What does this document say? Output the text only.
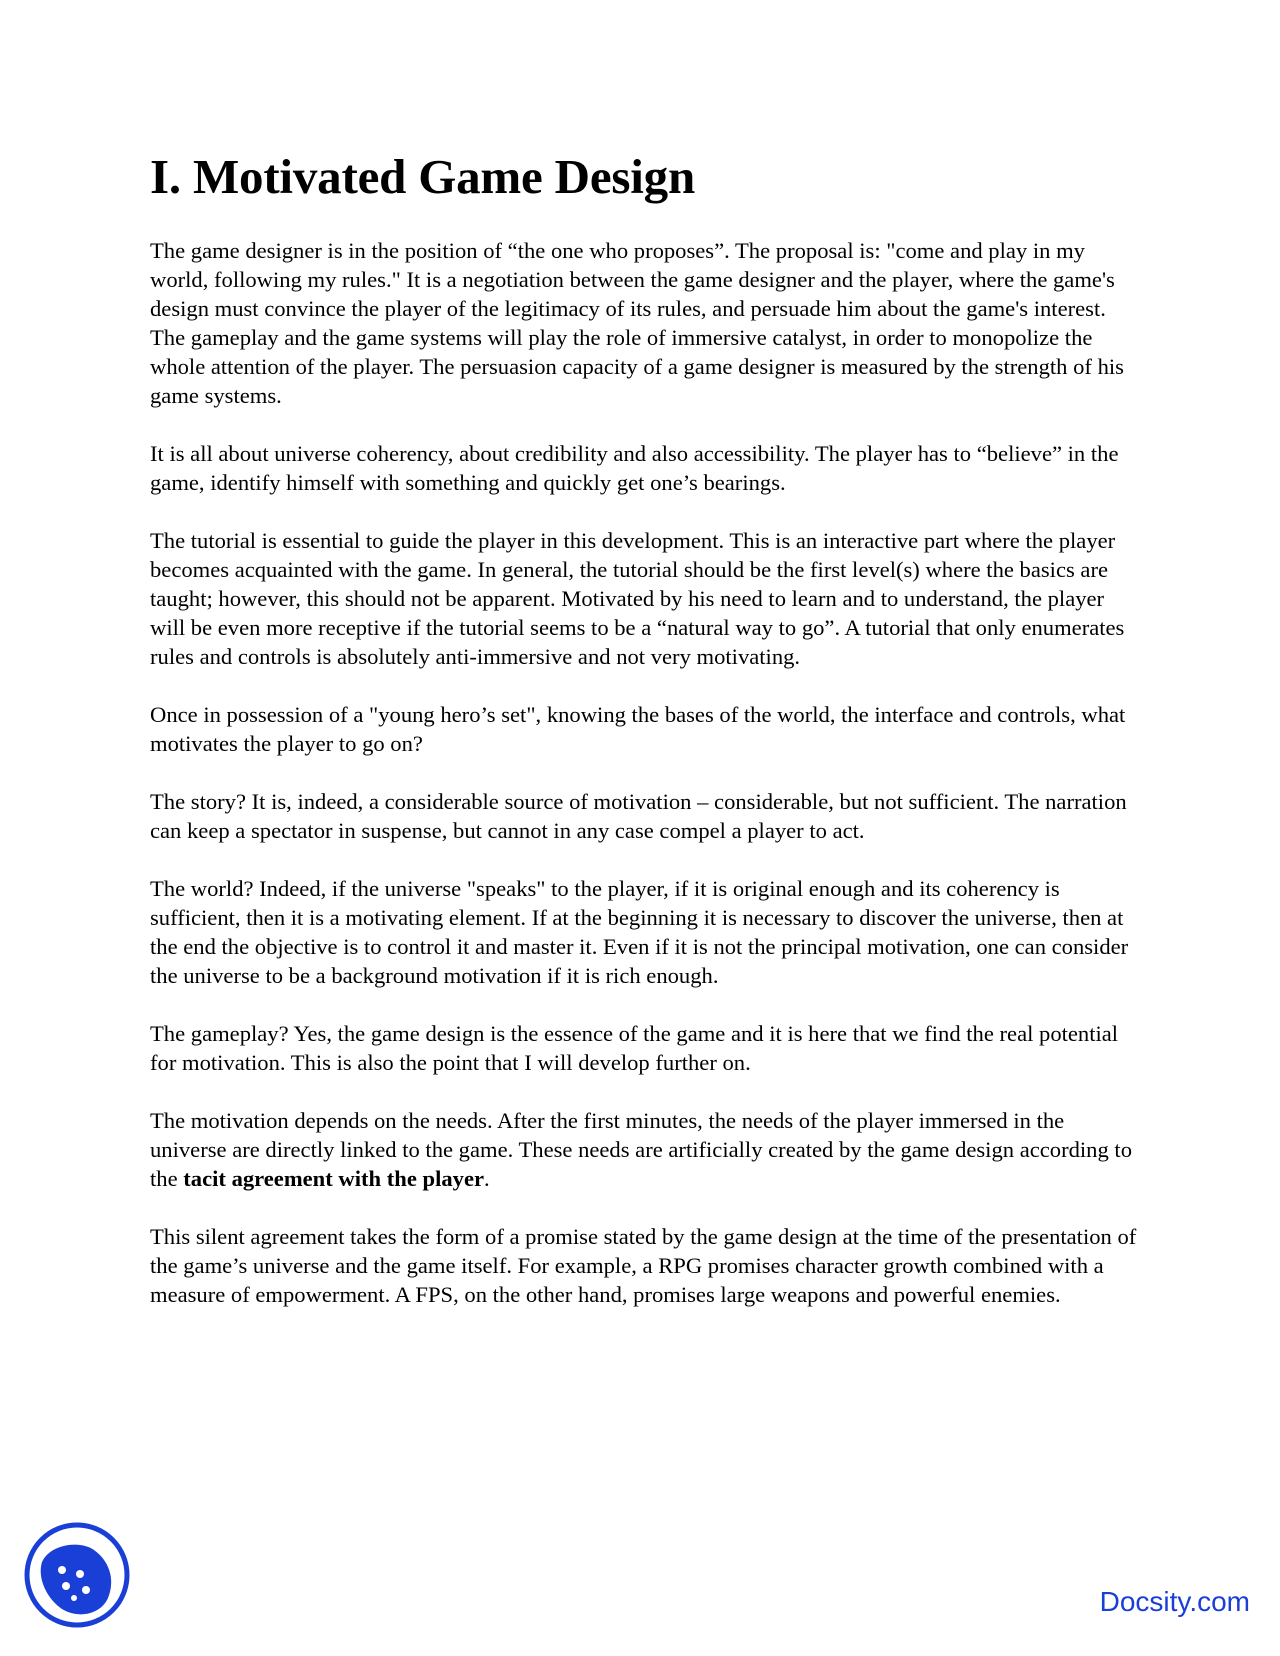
I. Motivated Game Design

The game designer is in the position of “the one who proposes”. The proposal is: "come and play in my world, following my rules." It is a negotiation between the game designer and the player, where the game's design must convince the player of the legitimacy of its rules, and persuade him about the game's interest. The gameplay and the game systems will play the role of immersive catalyst, in order to monopolize the whole attention of the player. The persuasion capacity of a game designer is measured by the strength of his game systems.

It is all about universe coherency, about credibility and also accessibility. The player has to “believe” in the game, identify himself with something and quickly get one’s bearings.

The tutorial is essential to guide the player in this development. This is an interactive part where the player becomes acquainted with the game. In general, the tutorial should be the first level(s) where the basics are taught; however, this should not be apparent. Motivated by his need to learn and to understand, the player will be even more receptive if the tutorial seems to be a “natural way to go”. A tutorial that only enumerates rules and controls is absolutely anti-immersive and not very motivating.

Once in possession of a "young hero’s set", knowing the bases of the world, the interface and controls, what motivates the player to go on?

The story? It is, indeed, a considerable source of motivation – considerable, but not sufficient. The narration can keep a spectator in suspense, but cannot in any case compel a player to act.

The world? Indeed, if the universe "speaks" to the player, if it is original enough and its coherency is sufficient, then it is a motivating element. If at the beginning it is necessary to discover the universe, then at the end the objective is to control it and master it. Even if it is not the principal motivation, one can consider the universe to be a background motivation if it is rich enough.

The gameplay? Yes, the game design is the essence of the game and it is here that we find the real potential for motivation. This is also the point that I will develop further on.

The motivation depends on the needs. After the first minutes, the needs of the player immersed in the universe are directly linked to the game. These needs are artificially created by the game design according to the tacit agreement with the player.

This silent agreement takes the form of a promise stated by the game design at the time of the presentation of the game’s universe and the game itself. For example, a RPG promises character growth combined with a measure of empowerment. A FPS, on the other hand, promises large weapons and powerful enemies.

Docsity.com
